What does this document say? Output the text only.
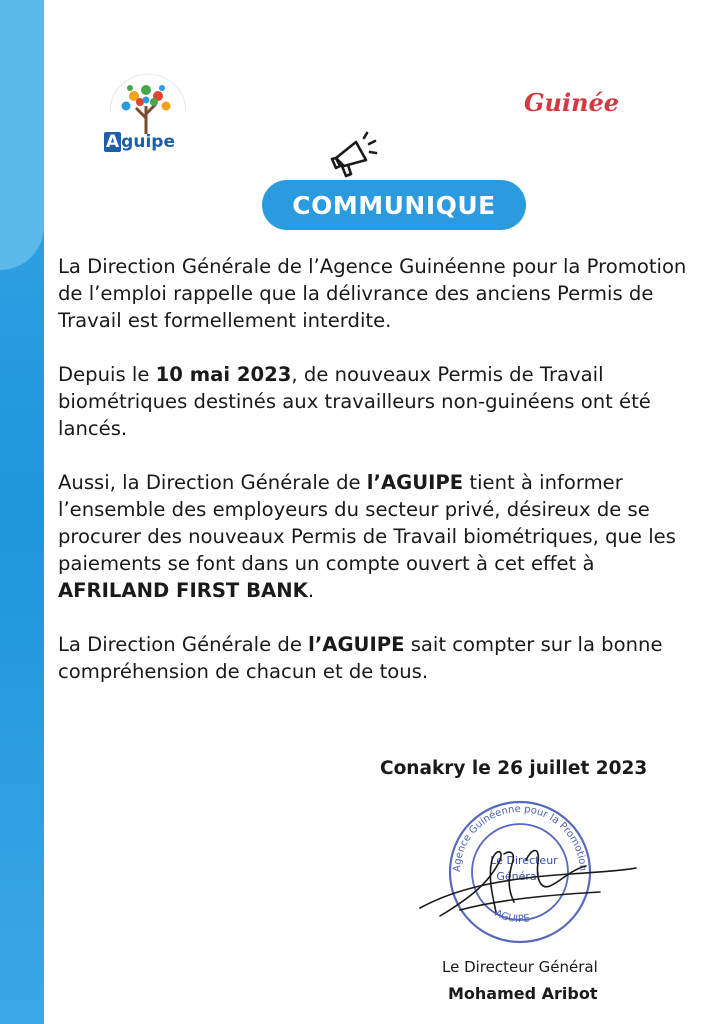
A guipe
Guinée
COMMUNIQUE

La Direction Générale de l’Agence Guinéenne pour la Promotion de l’emploi rappelle que la délivrance des anciens Permis de Travail est formellement interdite.

Depuis le 10 mai 2023, de nouveaux Permis de Travail biométriques destinés aux travailleurs non-guinéens ont été lancés.

Aussi, la Direction Générale de l’AGUIPE tient à informer l’ensemble des employeurs du secteur privé, désireux de se procurer des nouveaux Permis de Travail biométriques, que les paiements se font dans un compte ouvert à cet effet à AFRILAND FIRST BANK.

La Direction Générale de l’AGUIPE sait compter sur la bonne compréhension de chacun et de tous.

Conakry le 26 juillet 2023
Agence Guinéenne pour la Promotion
AGUIPE
Le Directeur
Général
Le Directeur Général
Mohamed Aribot
